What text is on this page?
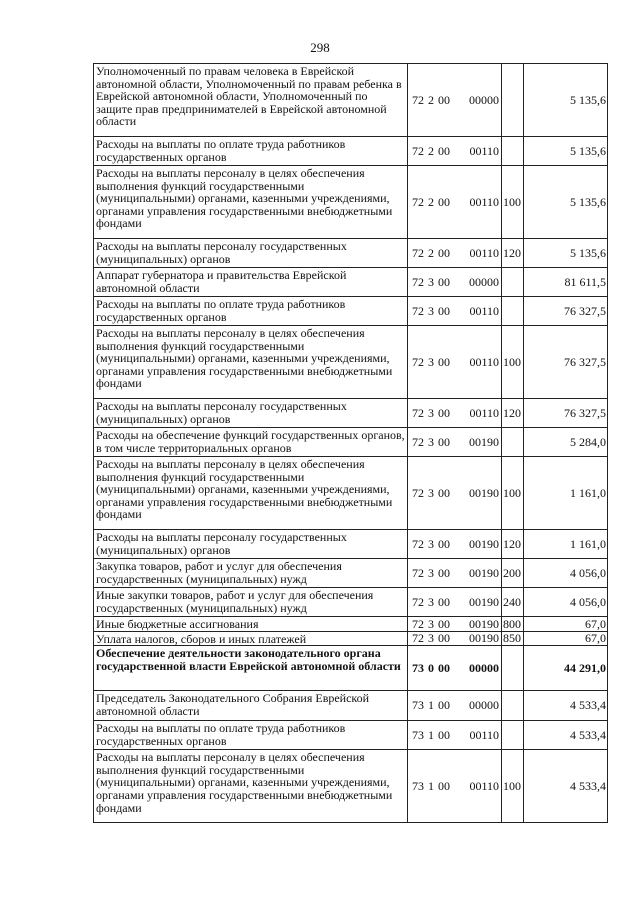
298
Уполномоченный по правам человека в Еврейской автономной области, Уполномоченный по правам ребенка в Еврейской автономной области, Уполномоченный по защите прав предпринимателей в Еврейской автономной области	72 2 00	00000		5 135,6
Расходы на выплаты по оплате труда работников государственных органов	72 2 00	00110		5 135,6
Расходы на выплаты персоналу в целях обеспечения выполнения функций государственными (муниципальными) органами, казенными учреждениями, органами управления государственными внебюджетными фондами	72 2 00	00110	100	5 135,6
Расходы на выплаты персоналу государственных (муниципальных) органов	72 2 00	00110	120	5 135,6
Аппарат губернатора и правительства Еврейской автономной области	72 3 00	00000		81 611,5
Расходы на выплаты по оплате труда работников государственных органов	72 3 00	00110		76 327,5
Расходы на выплаты персоналу в целях обеспечения выполнения функций государственными (муниципальными) органами, казенными учреждениями, органами управления государственными внебюджетными фондами	72 3 00	00110	100	76 327,5
Расходы на выплаты персоналу государственных (муниципальных) органов	72 3 00	00110	120	76 327,5
Расходы на обеспечение функций государственных органов, в том числе территориальных органов	72 3 00	00190		5 284,0
Расходы на выплаты персоналу в целях обеспечения выполнения функций государственными (муниципальными) органами, казенными учреждениями, органами управления государственными внебюджетными фондами	72 3 00	00190	100	1 161,0
Расходы на выплаты персоналу государственных (муниципальных) органов	72 3 00	00190	120	1 161,0
Закупка товаров, работ и услуг для обеспечения государственных (муниципальных) нужд	72 3 00	00190	200	4 056,0
Иные закупки товаров, работ и услуг для обеспечения государственных (муниципальных) нужд	72 3 00	00190	240	4 056,0
Иные бюджетные ассигнования	72 3 00	00190	800	67,0
Уплата налогов, сборов и иных платежей	72 3 00	00190	850	67,0
Обеспечение деятельности законодательного органа государственной власти Еврейской автономной области	73 0 00	00000		44 291,0
Председатель Законодательного Собрания Еврейской автономной области	73 1 00	00000		4 533,4
Расходы на выплаты по оплате труда работников государственных органов	73 1 00	00110		4 533,4
Расходы на выплаты персоналу в целях обеспечения выполнения функций государственными (муниципальными) органами, казенными учреждениями, органами управления государственными внебюджетными фондами	73 1 00	00110	100	4 533,4
